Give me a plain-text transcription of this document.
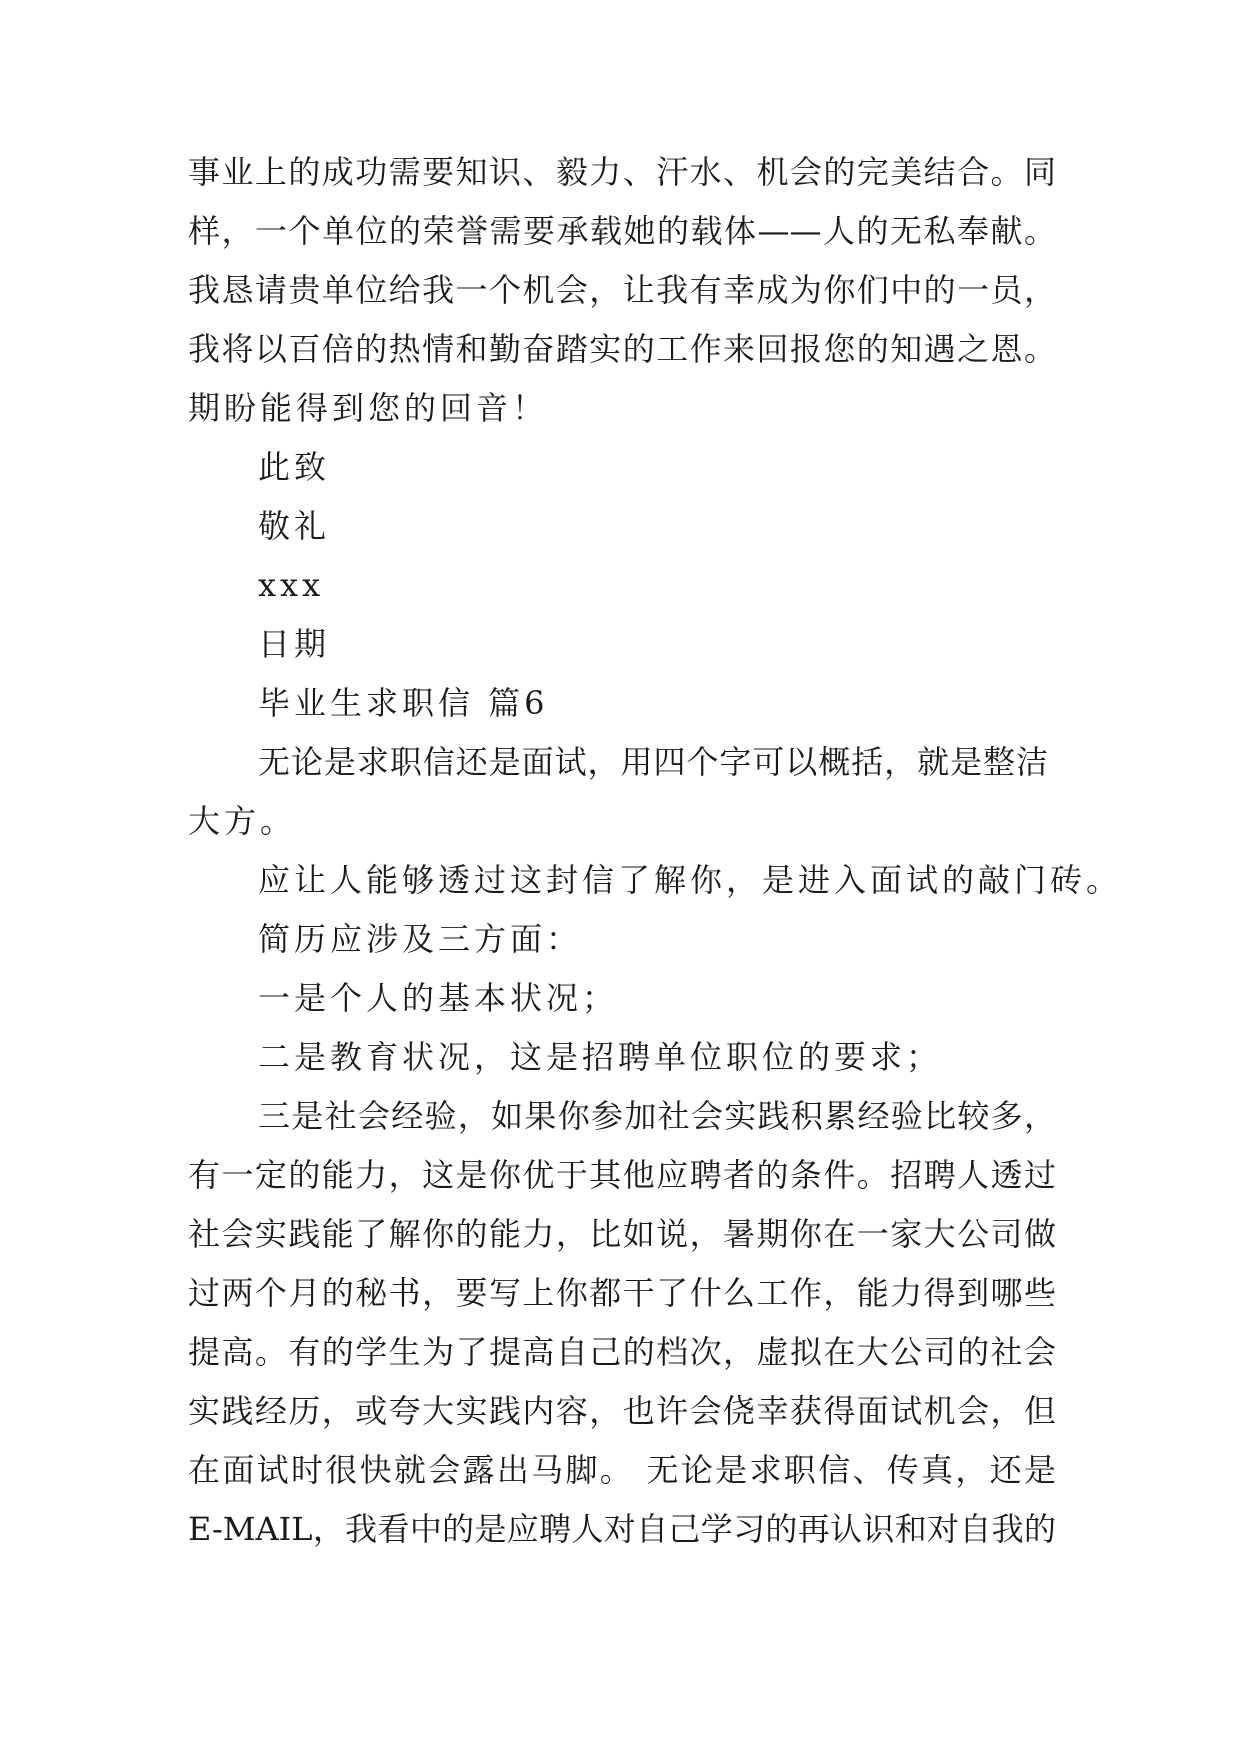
事业上的成功需要知识、毅力、汗水、机会的完美结合。同
样，一个单位的荣誉需要承载她的载体——人的无私奉献。
我恳请贵单位给我一个机会，让我有幸成为你们中的一员，
我将以百倍的热情和勤奋踏实的工作来回报您的知遇之恩。
期盼能得到您的回音！
此致
敬礼
xxx
日期
毕业生求职信 篇6
无论是求职信还是面试，用四个字可以概括，就是整洁
大方。
应让人能够透过这封信了解你，是进入面试的敲门砖。
简历应涉及三方面：
一是个人的基本状况；
二是教育状况，这是招聘单位职位的要求；
三是社会经验，如果你参加社会实践积累经验比较多，
有一定的能力，这是你优于其他应聘者的条件。招聘人透过
社会实践能了解你的能力，比如说，暑期你在一家大公司做
过两个月的秘书，要写上你都干了什么工作，能力得到哪些
提高。有的学生为了提高自己的档次，虚拟在大公司的社会
实践经历，或夸大实践内容，也许会侥幸获得面试机会，但
在面试时很快就会露出马脚。 无论是求职信、传真，还是
E-MAIL，我看中的是应聘人对自己学习的再认识和对自我的
